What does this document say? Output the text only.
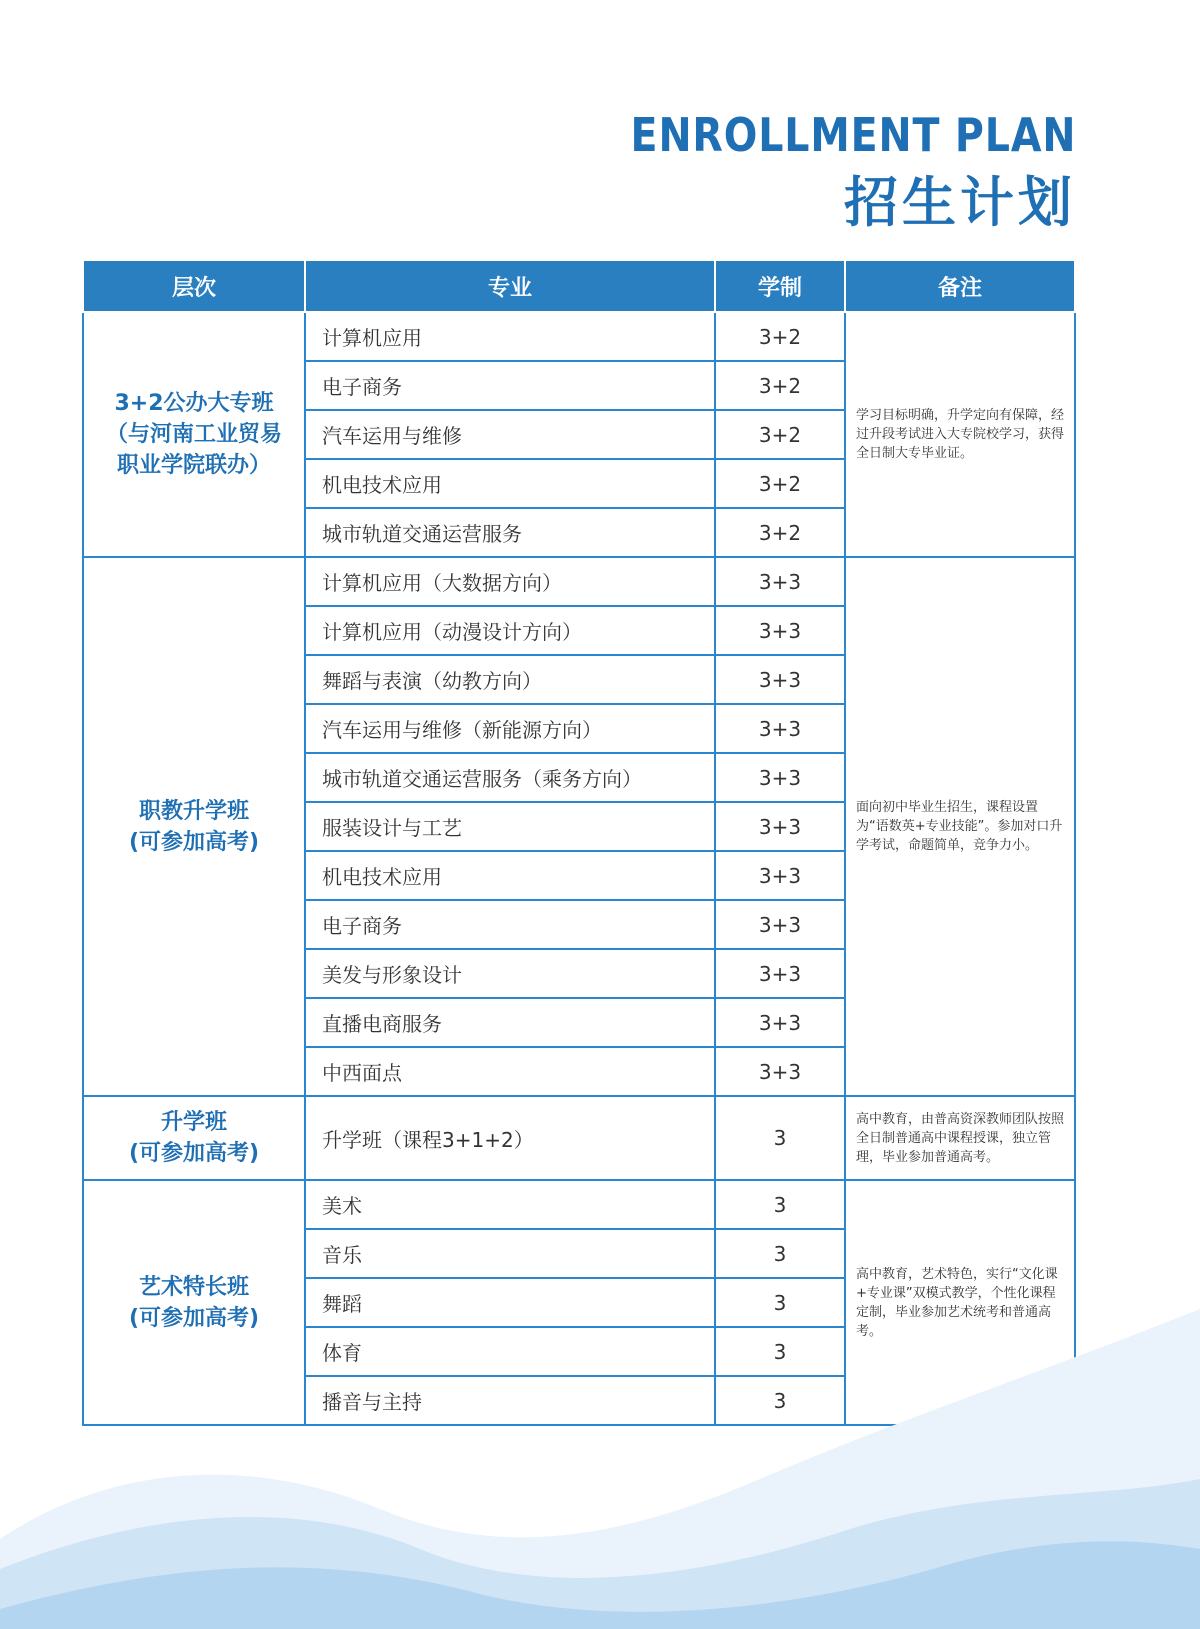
ENROLLMENT PLAN
招生计划
层次	专业	学制	备注

3+2公办大专班
（与河南工业贸易
职业学院联办）	计算机应用	3+2	学习目标明确，升学定向有保障，经过升段考试进入大专院校学习，获得全日制大专毕业证。
	电子商务	3+2	
	汽车运用与维修	3+2	
	机电技术应用	3+2	
	城市轨道交通运营服务	3+2	

职教升学班
(可参加高考)	计算机应用（大数据方向）	3+3	面向初中毕业生招生，课程设置为“语数英+专业技能”。参加对口升学考试，命题简单，竞争力小。
	计算机应用（动漫设计方向）	3+3	
	舞蹈与表演（幼教方向）	3+3	
	汽车运用与维修（新能源方向）	3+3	
	城市轨道交通运营服务（乘务方向）	3+3	
	服装设计与工艺	3+3	
	机电技术应用	3+3	
	电子商务	3+3	
	美发与形象设计	3+3	
	直播电商服务	3+3	
	中西面点	3+3	

升学班
(可参加高考)	升学班（课程3+1+2）	3	高中教育，由普高资深教师团队按照全日制普通高中课程授课，独立管理，毕业参加普通高考。

艺术特长班
(可参加高考)	美术	3	高中教育，艺术特色，实行“文化课+专业课”双模式教学，个性化课程定制，毕业参加艺术统考和普通高考。
	音乐	3	
	舞蹈	3	
	体育	3	
	播音与主持	3	
